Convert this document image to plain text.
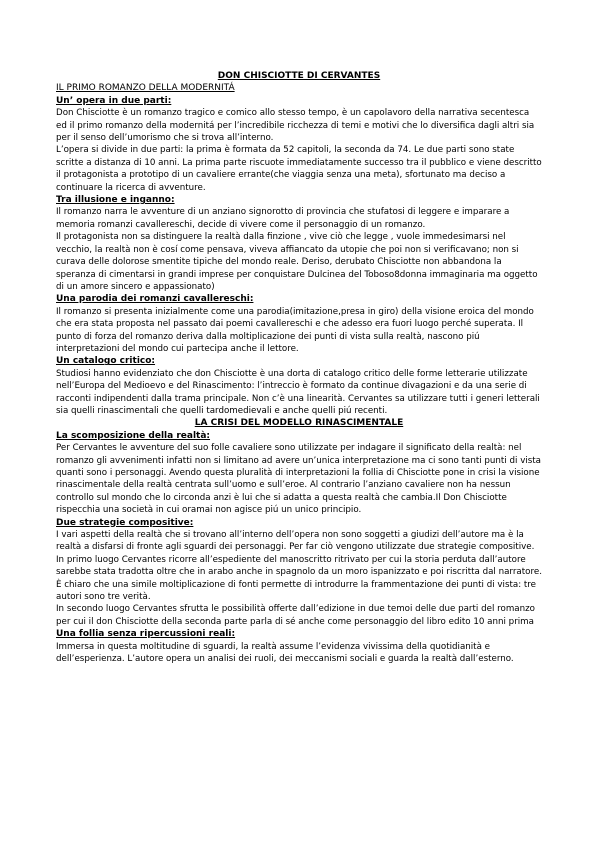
DON CHISCIOTTE DI CERVANTES
IL PRIMO ROMANZO DELLA MODERNITÁ
Un’ opera in due parti:

Don Chisciotte è un romanzo tragico e comico allo stesso tempo, è un capolavoro della narrativa secentesca ed il primo romanzo della modernitá per l’incredibile ricchezza di temi e motivi che lo diversifica dagli altri sia per il senso dell’umorismo che si trova all’interno.

L’opera si divide in due parti: la prima è formata da 52 capitoli, la seconda da 74. Le due parti sono state scritte a distanza di 10 anni. La prima parte riscuote immediatamente successo tra il pubblico e viene descritto il protagonista a prototipo di un cavaliere errante(che viaggia senza una meta), sfortunato ma deciso a continuare la ricerca di avventure.

Tra illusione e inganno:

Il romanzo narra le avventure di un anziano signorotto di provincia che stufatosi di leggere e imparare a memoria romanzi cavallereschi, decide di vivere come il personaggio di un romanzo.

Il protagonista non sa distinguere la realtà dalla finzione , vive ciò che legge , vuole immedesimarsi nel vecchio, la realtà non è cosí come pensava, viveva affiancato da utopie che poi non si verificavano; non si curava delle dolorose smentite tipiche del mondo reale. Deriso, derubato Chisciotte non abbandona la speranza di cimentarsi in grandi imprese per conquistare Dulcinea del Toboso8donna immaginaria ma oggetto di un amore sincero e appassionato)

Una parodia dei romanzi cavallereschi:

Il romanzo si presenta inizialmente come una parodia(imitazione,presa in giro) della visione eroica del mondo che era stata proposta nel passato dai poemi cavallereschi e che adesso era fuori luogo perché superata. Il punto di forza del romanzo deriva dalla moltiplicazione dei punti di vista sulla realtà, nascono piú interpretazioni del mondo cui partecipa anche il lettore.

Un catalogo critico:

Studiosi hanno evidenziato che don Chisciotte è una dorta di catalogo critico delle forme letterarie utilizzate nell’Europa del Medioevo e del Rinascimento: l’intreccio è formato da continue divagazioni e da una serie di racconti indipendenti dalla trama principale. Non c’è una linearità. Cervantes sa utilizzare tutti i generi letterali sia quelli rinascimentali che quelli tardomedievali e anche quelli piú recenti.

LA CRISI DEL MODELLO RINASCIMENTALE
La scomposizione della realtà:

Per Cervantes le avventure del suo folle cavaliere sono utilizzate per indagare il significato della realtà: nel romanzo gli avvenimenti infatti non si limitano ad avere un’unica interpretazione ma ci sono tanti punti di vista quanti sono i personaggi. Avendo questa pluralità di interpretazioni la follia di Chisciotte pone in crisi la visione rinascimentale della realtà centrata sull’uomo e sull’eroe. Al contrario l’anziano cavaliere non ha nessun controllo sul mondo che lo circonda anzi è lui che si adatta a questa realtà che cambia.Il Don Chisciotte rispecchia una società in cui oramai non agisce piú un unico principio.

Due strategie compositive:

I vari aspetti della realtà che si trovano all’interno dell’opera non sono soggetti a giudizi dell’autore ma è la realtà a disfarsi di fronte agli sguardi dei personaggi. Per far ciò vengono utilizzate due strategie compositive.

In primo luogo Cervantes ricorre all’espediente del manoscritto ritrivato per cui la storia perduta dall’autore sarebbe stata tradotta oltre che in arabo anche in spagnolo da un moro ispanizzato e poi riscritta dal narratore. È chiaro che una simile moltiplicazione di fonti permette di introdurre la frammentazione dei punti di vista: tre autori sono tre verità.

In secondo luogo Cervantes sfrutta le possibilità offerte dall’edizione in due temoi delle due parti del romanzo per cui il don Chisciotte della seconda parte parla di sé anche come personaggio del libro edito 10 anni prima

Una follia senza ripercussioni reali:

Immersa in questa moltitudine di sguardi, la realtà assume l’evidenza vivissima della quotidianità e dell’esperienza. L’autore opera un analisi dei ruoli, dei meccanismi sociali e guarda la realtà dall’esterno.
